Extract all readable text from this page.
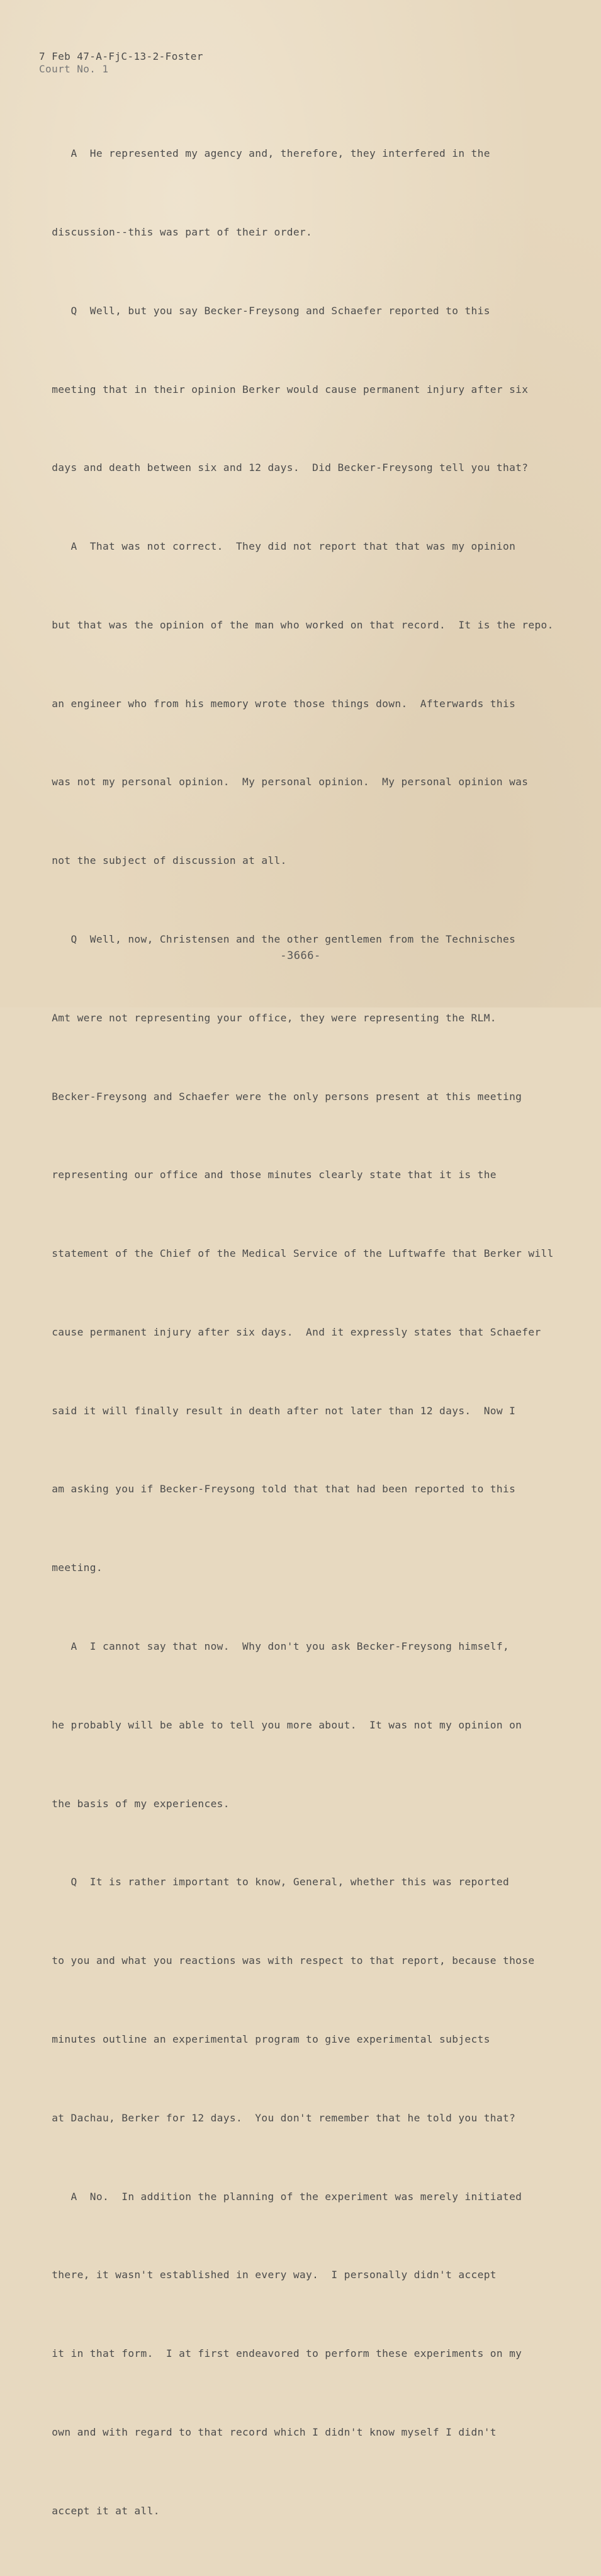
7 Feb 47-A-FjC-13-2-Foster
Court No. 1

A  He represented my agency and, therefore, they interfered in the

discussion--this was part of their order.

Q  Well, but you say Becker-Freysong and Schaefer reported to this

meeting that in their opinion Berker would cause permanent injury after six

days and death between six and 12 days.  Did Becker-Freysong tell you that?

A  That was not correct.  They did not report that that was my opinion

but that was the opinion of the man who worked on that record.  It is the repo.

an engineer who from his memory wrote those things down.  Afterwards this

was not my personal opinion.  My personal opinion.  My personal opinion was

not the subject of discussion at all.

Q  Well, now, Christensen and the other gentlemen from the Technisches

Amt were not representing your office, they were representing the RLM.

Becker-Freysong and Schaefer were the only persons present at this meeting

representing our office and those minutes clearly state that it is the

statement of the Chief of the Medical Service of the Luftwaffe that Berker will

cause permanent injury after six days.  And it expressly states that Schaefer

said it will finally result in death after not later than 12 days.  Now I

am asking you if Becker-Freysong told that that had been reported to this

meeting.

A  I cannot say that now.  Why don't you ask Becker-Freysong himself,

he probably will be able to tell you more about.  It was not my opinion on

the basis of my experiences.

Q  It is rather important to know, General, whether this was reported

to you and what you reactions was with respect to that report, because those

minutes outline an experimental program to give experimental subjects

at Dachau, Berker for 12 days.  You don't remember that he told you that?

A  No.  In addition the planning of the experiment was merely initiated

there, it wasn't established in every way.  I personally didn't accept

it in that form.  I at first endeavored to perform these experiments on my

own and with regard to that record which I didn't know myself I didn't

accept it at all.

-3666-
